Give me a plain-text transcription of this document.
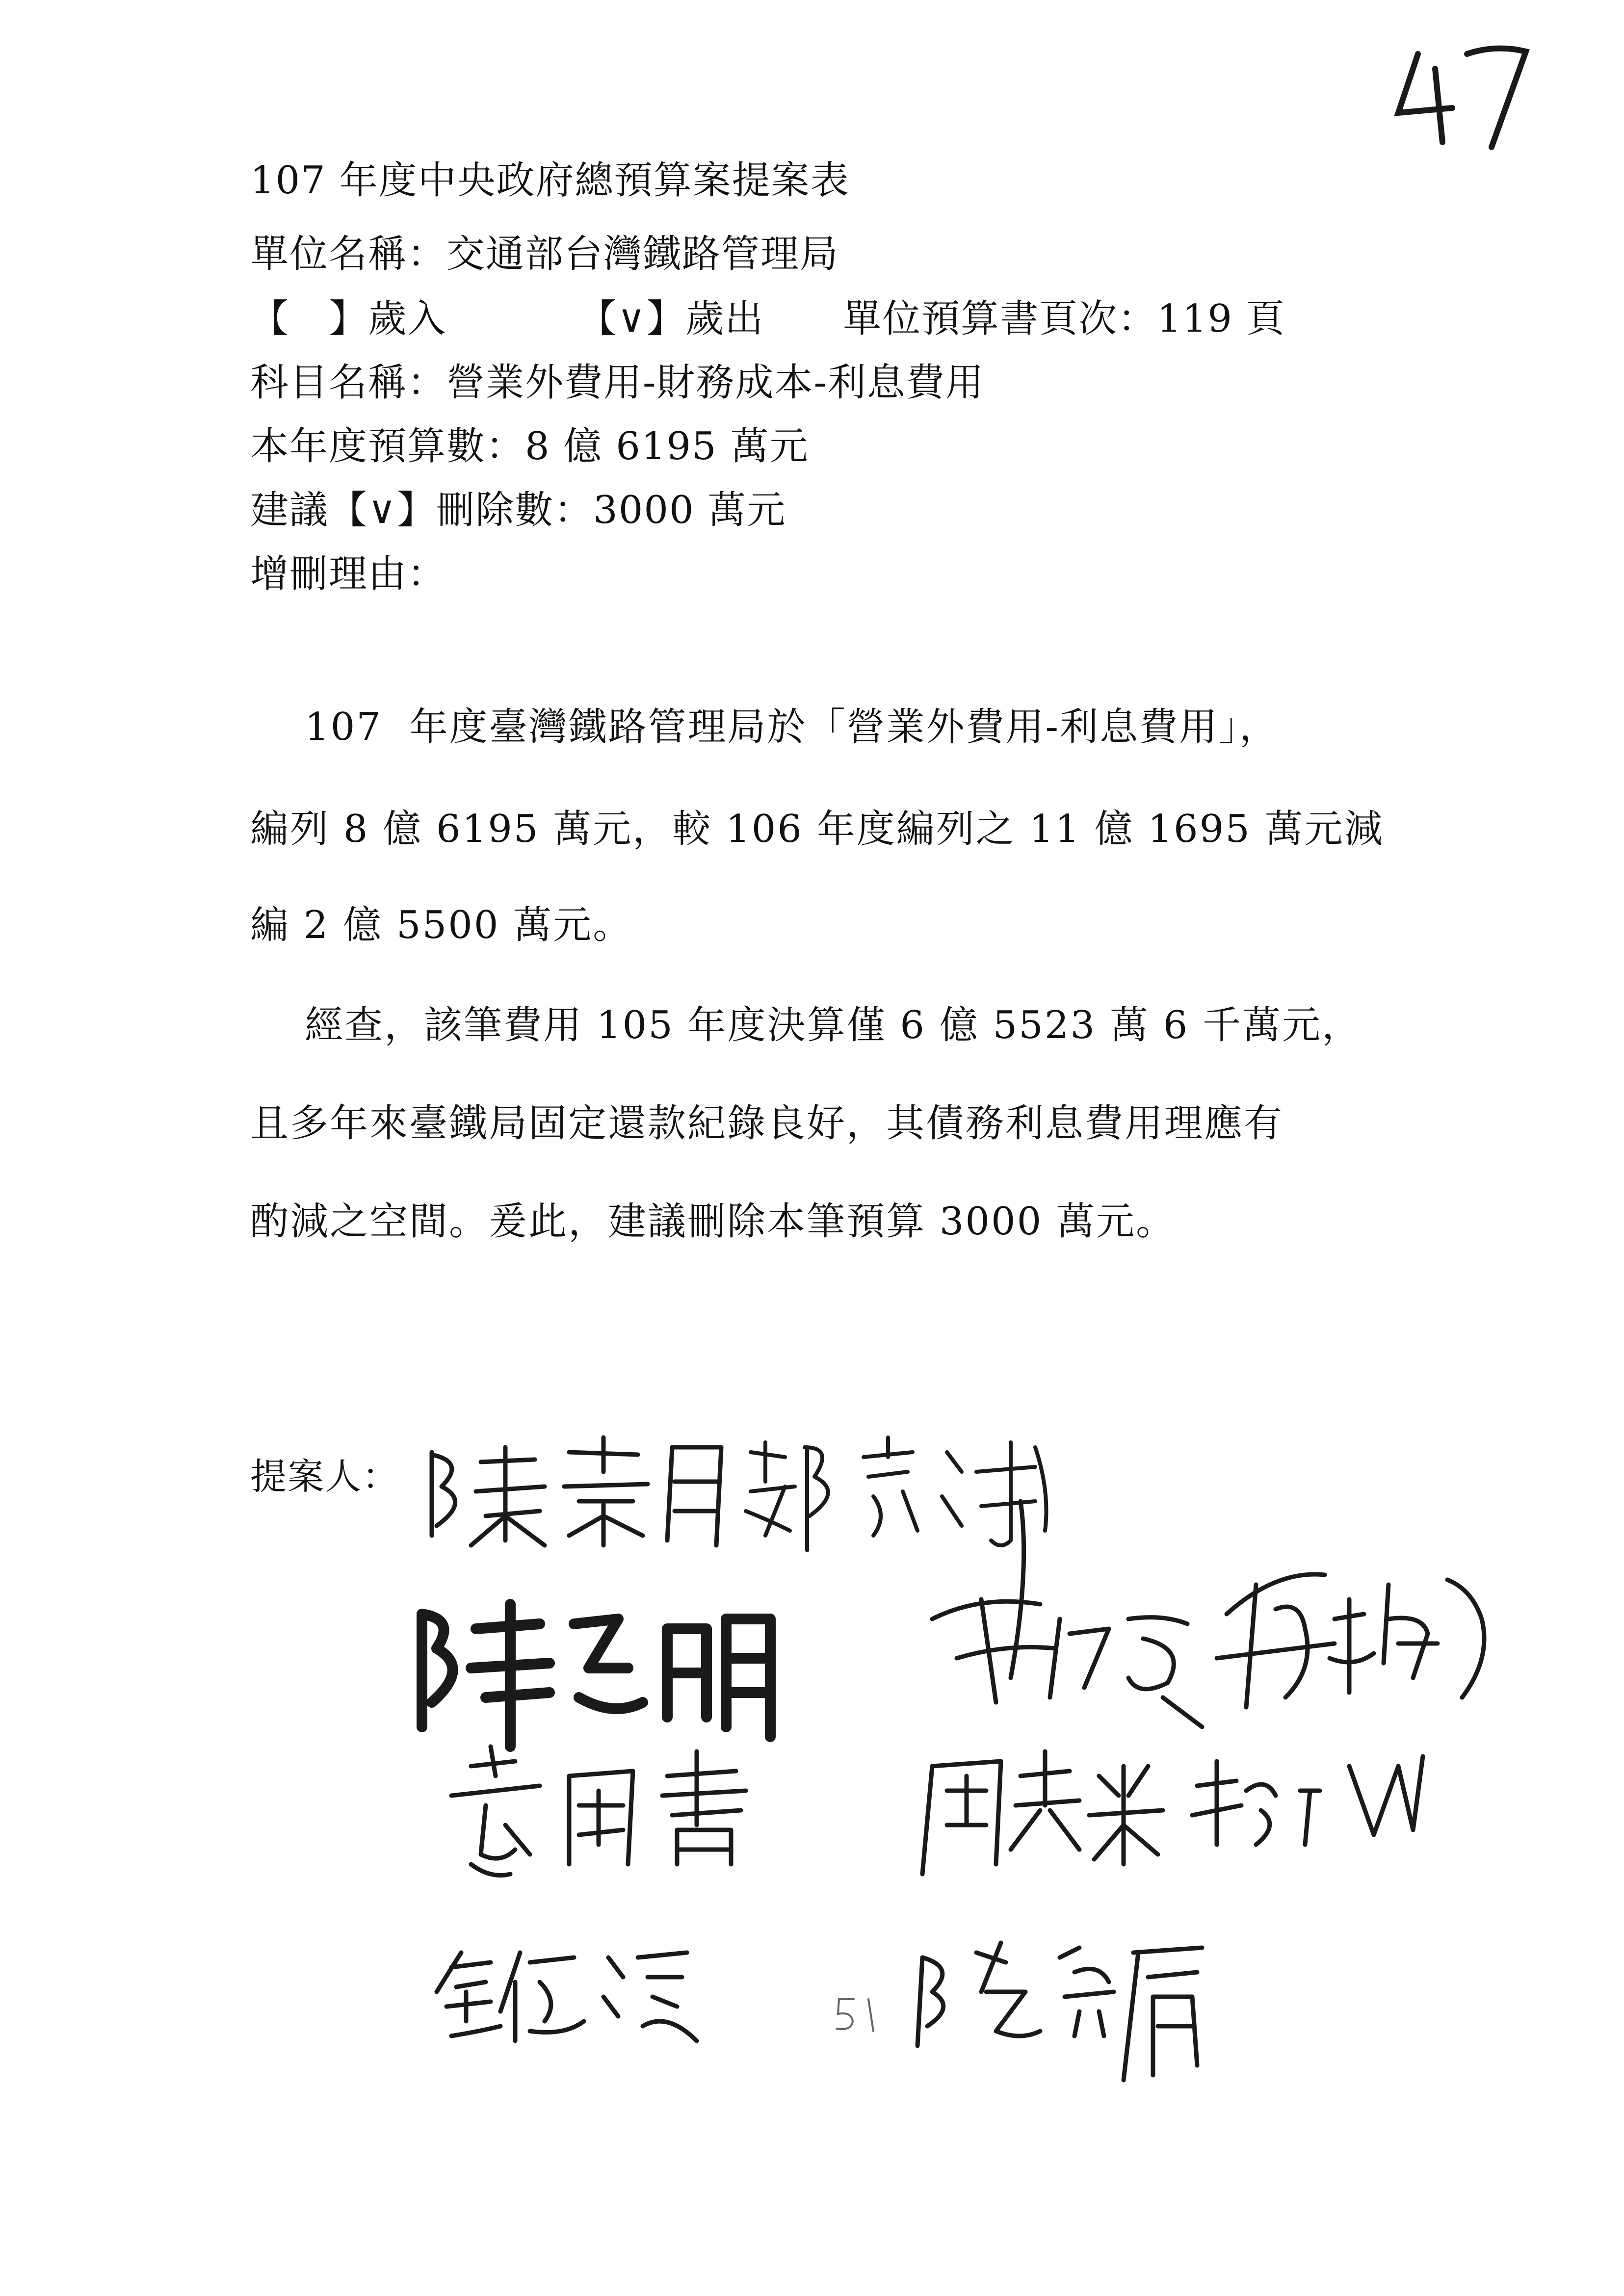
107 年度中央政府總預算案提案表
單位名稱：交通部台灣鐵路管理局
【   】歲入          【∨】歲出      單位預算書頁次：119 頁
科目名稱：營業外費用-財務成本-利息費用
本年度預算數：8 億 6195 萬元
建議【∨】刪除數：3000 萬元
增刪理由：
107  年度臺灣鐵路管理局於「營業外費用-利息費用」，
編列 8 億 6195 萬元，較 106 年度編列之 11 億 1695 萬元減
編 2 億 5500 萬元。
經查，該筆費用 105 年度決算僅 6 億 5523 萬 6 千萬元，
且多年來臺鐵局固定還款紀錄良好，其債務利息費用理應有
酌減之空間。爰此，建議刪除本筆預算 3000 萬元。
提案人：
